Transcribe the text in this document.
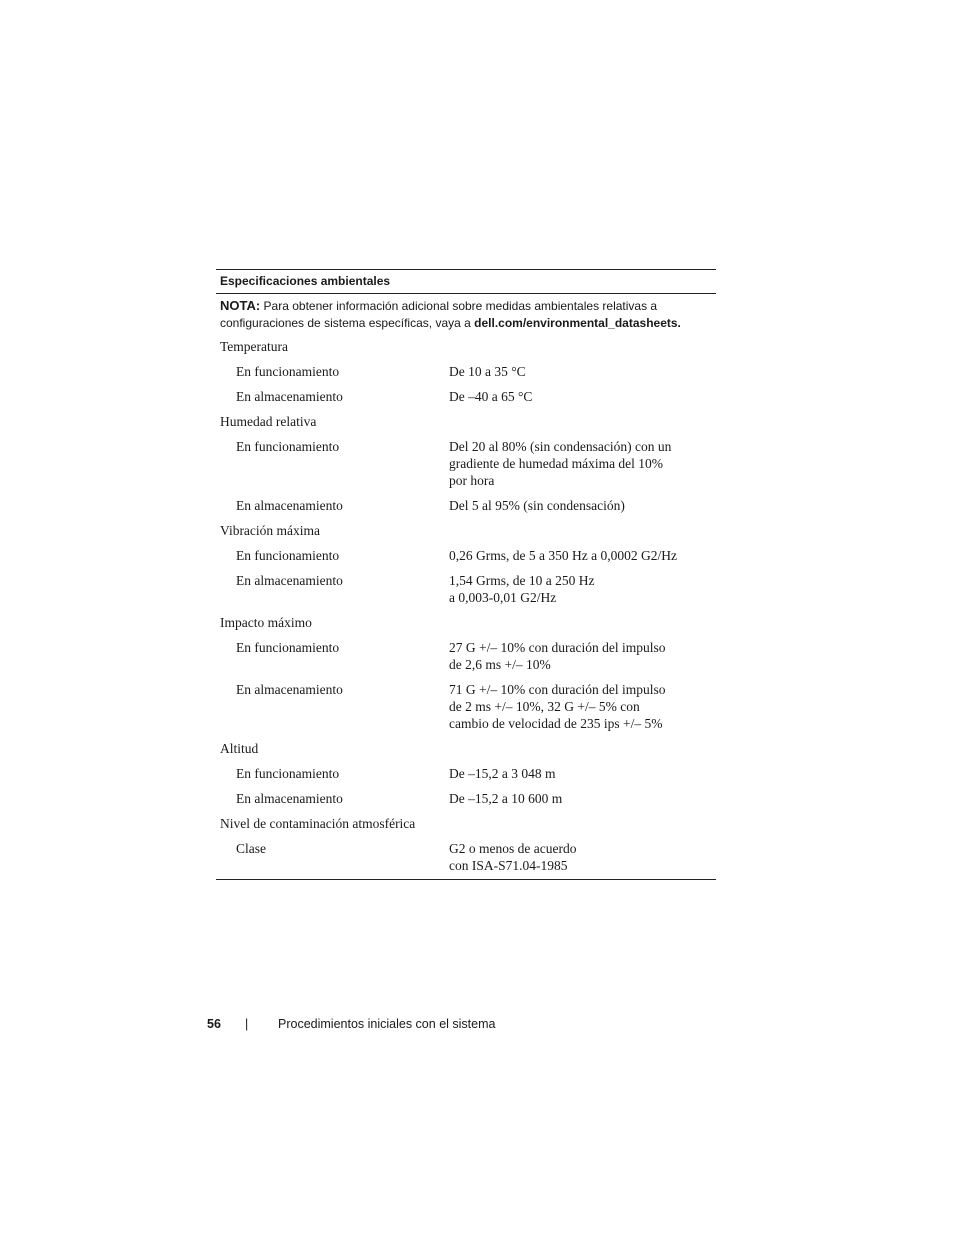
Especificaciones ambientales
NOTA: Para obtener información adicional sobre medidas ambientales relativas a
configuraciones de sistema específicas, vaya a dell.com/environmental_datasheets.
Temperatura
En funcionamiento	De 10 a 35 °C
En almacenamiento	De –40 a 65 °C
Humedad relativa
En funcionamiento	Del 20 al 80% (sin condensación) con un
gradiente de humedad máxima del 10%
por hora
En almacenamiento	Del 5 al 95% (sin condensación)
Vibración máxima
En funcionamiento	0,26 Grms, de 5 a 350 Hz a 0,0002 G2/Hz
En almacenamiento	1,54 Grms, de 10 a 250 Hz
a 0,003-0,01 G2/Hz
Impacto máximo
En funcionamiento	27 G +/– 10% con duración del impulso
de 2,6 ms +/– 10%
En almacenamiento	71 G +/– 10% con duración del impulso
de 2 ms +/– 10%, 32 G +/– 5% con
cambio de velocidad de 235 ips +/– 5%
Altitud
En funcionamiento	De –15,2 a 3 048 m
En almacenamiento	De –15,2 a 10 600 m
Nivel de contaminación atmosférica
Clase	G2 o menos de acuerdo
con ISA-S71.04-1985
56 | Procedimientos iniciales con el sistema
